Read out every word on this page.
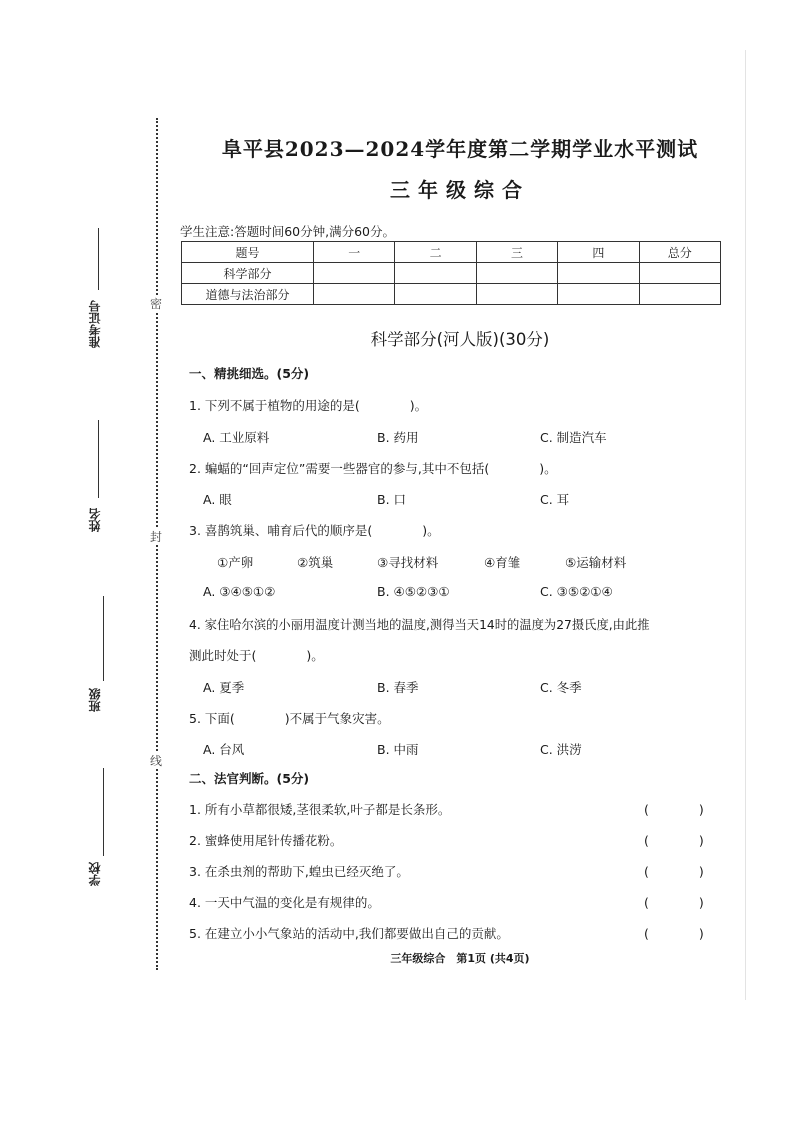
准考证号
姓名
班级
学校
密
封
线
阜平县2023—2024学年度第二学期学业水平测试
三年级综合
学生注意:答题时间60分钟,满分60分。
题号	一	二	三	四	总分
科学部分					
道德与法治部分					
科学部分(河人版)(30分)
一、精挑细选。(5分)
1. 下列不属于植物的用途的是(　　　　)。
A. 工业原料	B. 药用	C. 制造汽车
2. 蝙蝠的“回声定位”需要一些器官的参与,其中不包括(　　　　)。
A. 眼	B. 口	C. 耳
3. 喜鹊筑巢、哺育后代的顺序是(　　　　)。
①产卵	②筑巢	③寻找材料	④育雏	⑤运输材料
A. ③④⑤①②	B. ④⑤②③①	C. ③⑤②①④
4. 家住哈尔滨的小丽用温度计测当地的温度,测得当天14时的温度为27摄氏度,由此推
测此时处于(　　　　)。
A. 夏季	B. 春季	C. 冬季
5. 下面(　　　　)不属于气象灾害。
A. 台风	B. 中雨	C. 洪涝
二、法官判断。(5分)
1. 所有小草都很矮,茎很柔软,叶子都是长条形。	(　　　　)
2. 蜜蜂使用尾针传播花粉。	(　　　　)
3. 在杀虫剂的帮助下,蝗虫已经灭绝了。	(　　　　)
4. 一天中气温的变化是有规律的。	(　　　　)
5. 在建立小小气象站的活动中,我们都要做出自己的贡献。	(　　　　)
三年级综合　第1页 (共4页)
